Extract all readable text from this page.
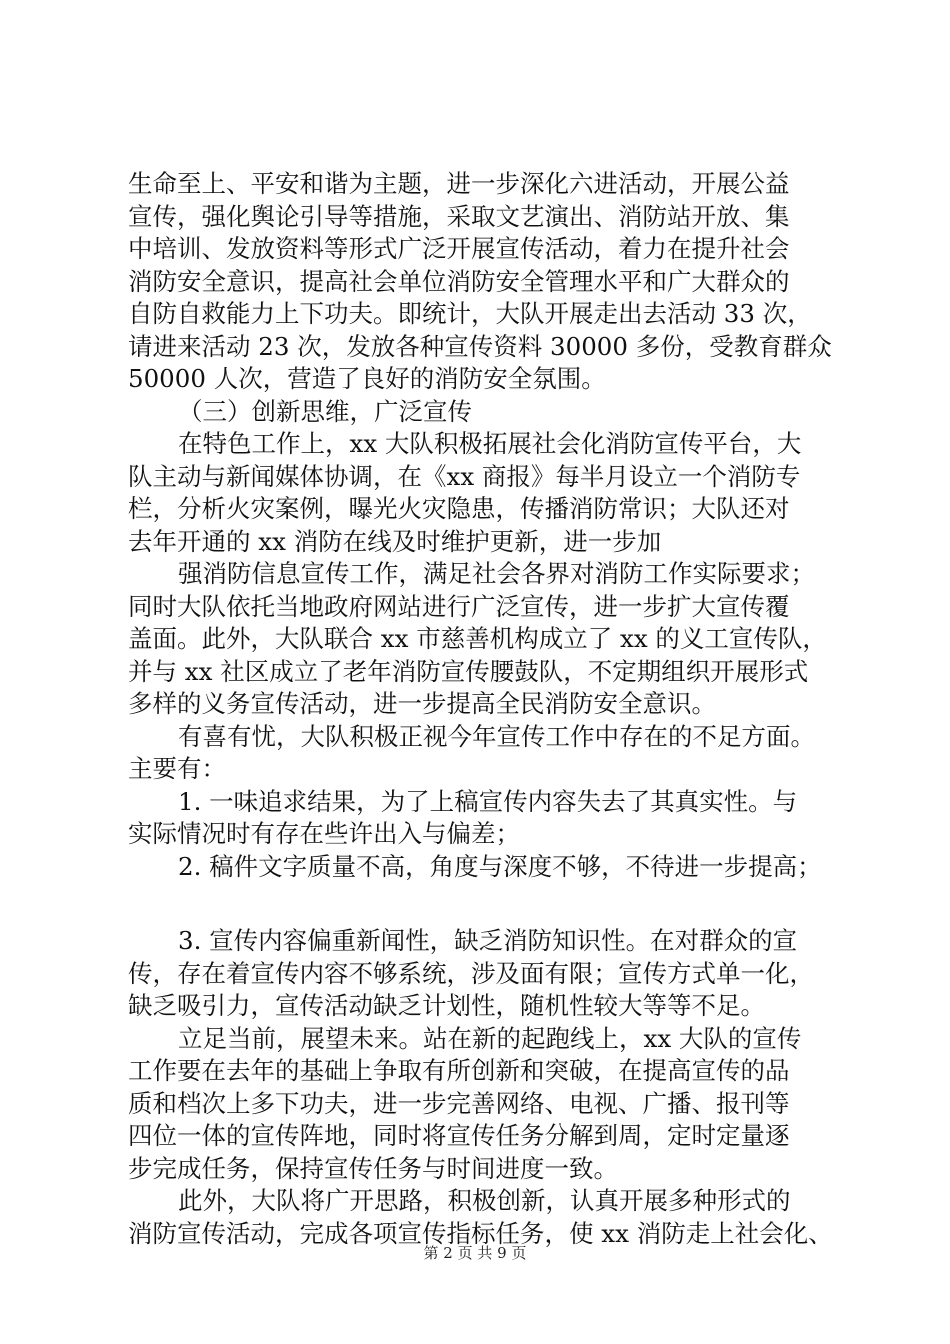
生命至上、平安和谐为主题，进一步深化六进活动，开展公益
宣传，强化舆论引导等措施，采取文艺演出、消防站开放、集
中培训、发放资料等形式广泛开展宣传活动，着力在提升社会
消防安全意识，提高社会单位消防安全管理水平和广大群众的
自防自救能力上下功夫。即统计，大队开展走出去活动 33 次，
请进来活动 23 次，发放各种宣传资料 30000 多份，受教育群众
50000 人次，营造了良好的消防安全氛围。
（三）创新思维，广泛宣传
在特色工作上，xx 大队积极拓展社会化消防宣传平台，大
队主动与新闻媒体协调，在《xx 商报》每半月设立一个消防专
栏，分析火灾案例，曝光火灾隐患，传播消防常识；大队还对
去年开通的 xx 消防在线及时维护更新，进一步加
强消防信息宣传工作，满足社会各界对消防工作实际要求；
同时大队依托当地政府网站进行广泛宣传，进一步扩大宣传覆
盖面。此外，大队联合 xx 市慈善机构成立了 xx 的义工宣传队，
并与 xx 社区成立了老年消防宣传腰鼓队，不定期组织开展形式
多样的义务宣传活动，进一步提高全民消防安全意识。
有喜有忧，大队积极正视今年宣传工作中存在的不足方面。
主要有：
1. 一味追求结果，为了上稿宣传内容失去了其真实性。与
实际情况时有存在些许出入与偏差；
2. 稿件文字质量不高，角度与深度不够，不待进一步提高；
3. 宣传内容偏重新闻性，缺乏消防知识性。在对群众的宣
传，存在着宣传内容不够系统，涉及面有限；宣传方式单一化，
缺乏吸引力，宣传活动缺乏计划性，随机性较大等等不足。
立足当前，展望未来。站在新的起跑线上，xx 大队的宣传
工作要在去年的基础上争取有所创新和突破，在提高宣传的品
质和档次上多下功夫，进一步完善网络、电视、广播、报刊等
四位一体的宣传阵地，同时将宣传任务分解到周，定时定量逐
步完成任务，保持宣传任务与时间进度一致。
此外，大队将广开思路，积极创新，认真开展多种形式的
消防宣传活动，完成各项宣传指标任务，使 xx 消防走上社会化、
第 2 页 共 9 页
